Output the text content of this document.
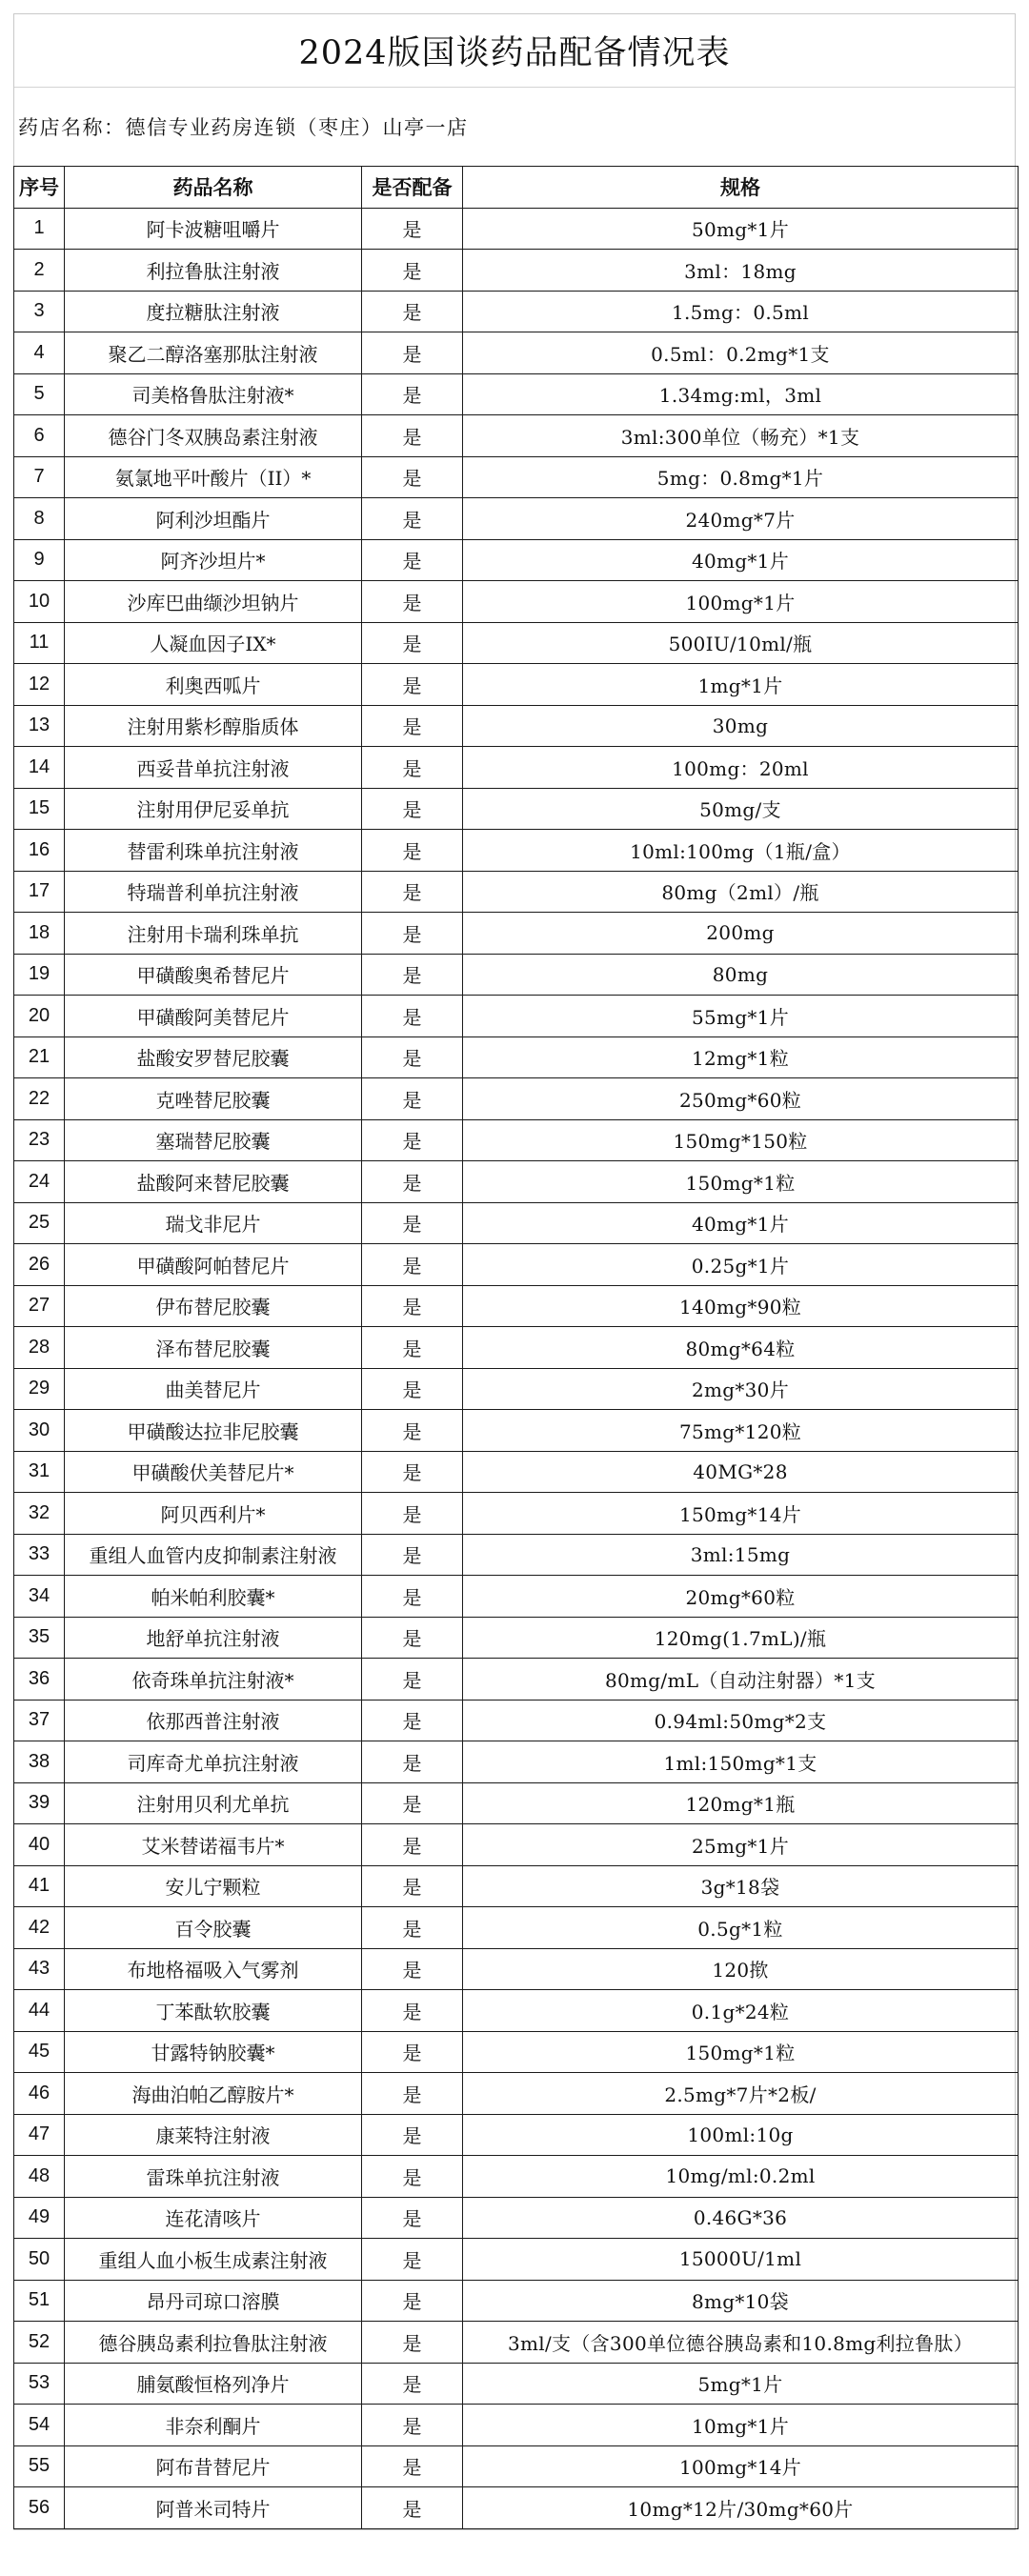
2024版国谈药品配备情况表
药店名称：德信专业药房连锁（枣庄）山亭一店
序号	药品名称	是否配备	规格
1	阿卡波糖咀嚼片	是	50mg*1片
2	利拉鲁肽注射液	是	3ml：18mg
3	度拉糖肽注射液	是	1.5mg：0.5ml
4	聚乙二醇洛塞那肽注射液	是	0.5ml：0.2mg*1支
5	司美格鲁肽注射液*	是	1.34mg:ml，3ml
6	德谷门冬双胰岛素注射液	是	3ml:300单位（畅充）*1支
7	氨氯地平叶酸片（II）*	是	5mg：0.8mg*1片
8	阿利沙坦酯片	是	240mg*7片
9	阿齐沙坦片*	是	40mg*1片
10	沙库巴曲缬沙坦钠片	是	100mg*1片
11	人凝血因子IX*	是	500IU/10ml/瓶
12	利奥西呱片	是	1mg*1片
13	注射用紫杉醇脂质体	是	30mg
14	西妥昔单抗注射液	是	100mg：20ml
15	注射用伊尼妥单抗	是	50mg/支
16	替雷利珠单抗注射液	是	10ml:100mg（1瓶/盒）
17	特瑞普利单抗注射液	是	80mg（2ml）/瓶
18	注射用卡瑞利珠单抗	是	200mg
19	甲磺酸奥希替尼片	是	80mg
20	甲磺酸阿美替尼片	是	55mg*1片
21	盐酸安罗替尼胶囊	是	12mg*1粒
22	克唑替尼胶囊	是	250mg*60粒
23	塞瑞替尼胶囊	是	150mg*150粒
24	盐酸阿来替尼胶囊	是	150mg*1粒
25	瑞戈非尼片	是	40mg*1片
26	甲磺酸阿帕替尼片	是	0.25g*1片
27	伊布替尼胶囊	是	140mg*90粒
28	泽布替尼胶囊	是	80mg*64粒
29	曲美替尼片	是	2mg*30片
30	甲磺酸达拉非尼胶囊	是	75mg*120粒
31	甲磺酸伏美替尼片*	是	40MG*28
32	阿贝西利片*	是	150mg*14片
33	重组人血管内皮抑制素注射液	是	3ml:15mg
34	帕米帕利胶囊*	是	20mg*60粒
35	地舒单抗注射液	是	120mg(1.7mL)/瓶
36	依奇珠单抗注射液*	是	80mg/mL（自动注射器）*1支
37	依那西普注射液	是	0.94ml:50mg*2支
38	司库奇尤单抗注射液	是	1ml:150mg*1支
39	注射用贝利尤单抗	是	120mg*1瓶
40	艾米替诺福韦片*	是	25mg*1片
41	安儿宁颗粒	是	3g*18袋
42	百令胶囊	是	0.5g*1粒
43	布地格福吸入气雾剂	是	120揿
44	丁苯酞软胶囊	是	0.1g*24粒
45	甘露特钠胶囊*	是	150mg*1粒
46	海曲泊帕乙醇胺片*	是	2.5mg*7片*2板/
47	康莱特注射液	是	100ml:10g
48	雷珠单抗注射液	是	10mg/ml:0.2ml
49	连花清咳片	是	0.46G*36
50	重组人血小板生成素注射液	是	15000U/1ml
51	昂丹司琼口溶膜	是	8mg*10袋
52	德谷胰岛素利拉鲁肽注射液	是	3ml/支（含300单位德谷胰岛素和10.8mg利拉鲁肽）
53	脯氨酸恒格列净片	是	5mg*1片
54	非奈利酮片	是	10mg*1片
55	阿布昔替尼片	是	100mg*14片
56	阿普米司特片	是	10mg*12片/30mg*60片
